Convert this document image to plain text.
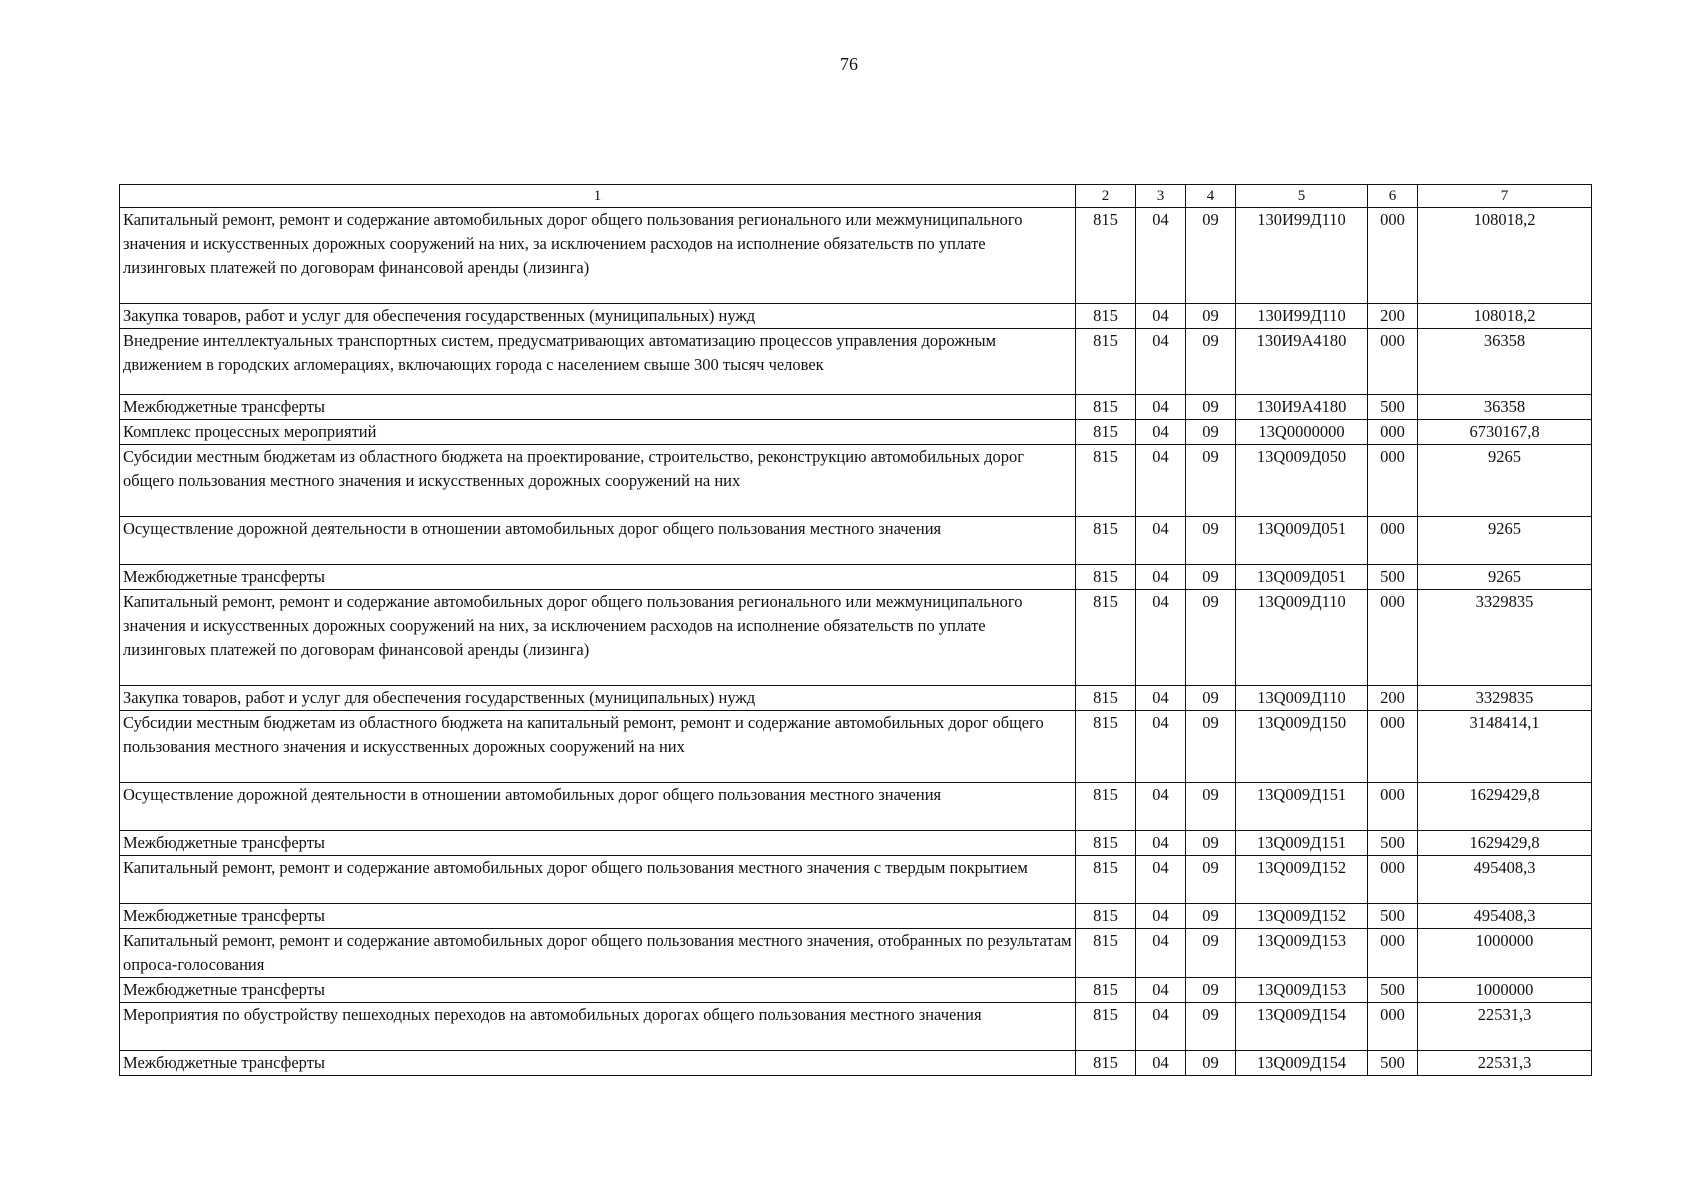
76
1	2	3	4	5	6	7
Капитальный ремонт, ремонт и содержание автомобильных дорог общего пользования регионального или межмуниципального значения и искусственных дорожных сооружений на них, за исключением расходов на исполнение обязательств по уплате лизинговых платежей по договорам финансовой аренды (лизинга)	815	04	09	130И99Д110	000	108018,2
Закупка товаров, работ и услуг для обеспечения государственных (муниципальных) нужд	815	04	09	130И99Д110	200	108018,2
Внедрение интеллектуальных транспортных систем, предусматривающих автоматизацию процессов управления дорожным движением в городских агломерациях, включающих города с населением свыше 300 тысяч человек	815	04	09	130И9А4180	000	36358
Межбюджетные трансферты	815	04	09	130И9А4180	500	36358
Комплекс процессных мероприятий	815	04	09	13Q0000000	000	6730167,8
Субсидии местным бюджетам из областного бюджета на проектирование, строительство, реконструкцию автомобильных дорог общего пользования местного значения и искусственных дорожных сооружений на них	815	04	09	13Q009Д050	000	9265
Осуществление дорожной деятельности в отношении автомобильных дорог общего пользования местного значения	815	04	09	13Q009Д051	000	9265
Межбюджетные трансферты	815	04	09	13Q009Д051	500	9265
Капитальный ремонт, ремонт и содержание автомобильных дорог общего пользования регионального или межмуниципального значения и искусственных дорожных сооружений на них, за исключением расходов на исполнение обязательств по уплате лизинговых платежей по договорам финансовой аренды (лизинга)	815	04	09	13Q009Д110	000	3329835
Закупка товаров, работ и услуг для обеспечения государственных (муниципальных) нужд	815	04	09	13Q009Д110	200	3329835
Субсидии местным бюджетам из областного бюджета на капитальный ремонт, ремонт и содержание автомобильных дорог общего пользования местного значения и искусственных дорожных сооружений на них	815	04	09	13Q009Д150	000	3148414,1
Осуществление дорожной деятельности в отношении автомобильных дорог общего пользования местного значения	815	04	09	13Q009Д151	000	1629429,8
Межбюджетные трансферты	815	04	09	13Q009Д151	500	1629429,8
Капитальный ремонт, ремонт и содержание автомобильных дорог общего пользования местного значения с твердым покрытием	815	04	09	13Q009Д152	000	495408,3
Межбюджетные трансферты	815	04	09	13Q009Д152	500	495408,3
Капитальный ремонт, ремонт и содержание автомобильных дорог общего пользования местного значения, отобранных по результатам опроса-голосования	815	04	09	13Q009Д153	000	1000000
Межбюджетные трансферты	815	04	09	13Q009Д153	500	1000000
Мероприятия по обустройству пешеходных переходов на автомобильных дорогах общего пользования местного значения	815	04	09	13Q009Д154	000	22531,3
Межбюджетные трансферты	815	04	09	13Q009Д154	500	22531,3
